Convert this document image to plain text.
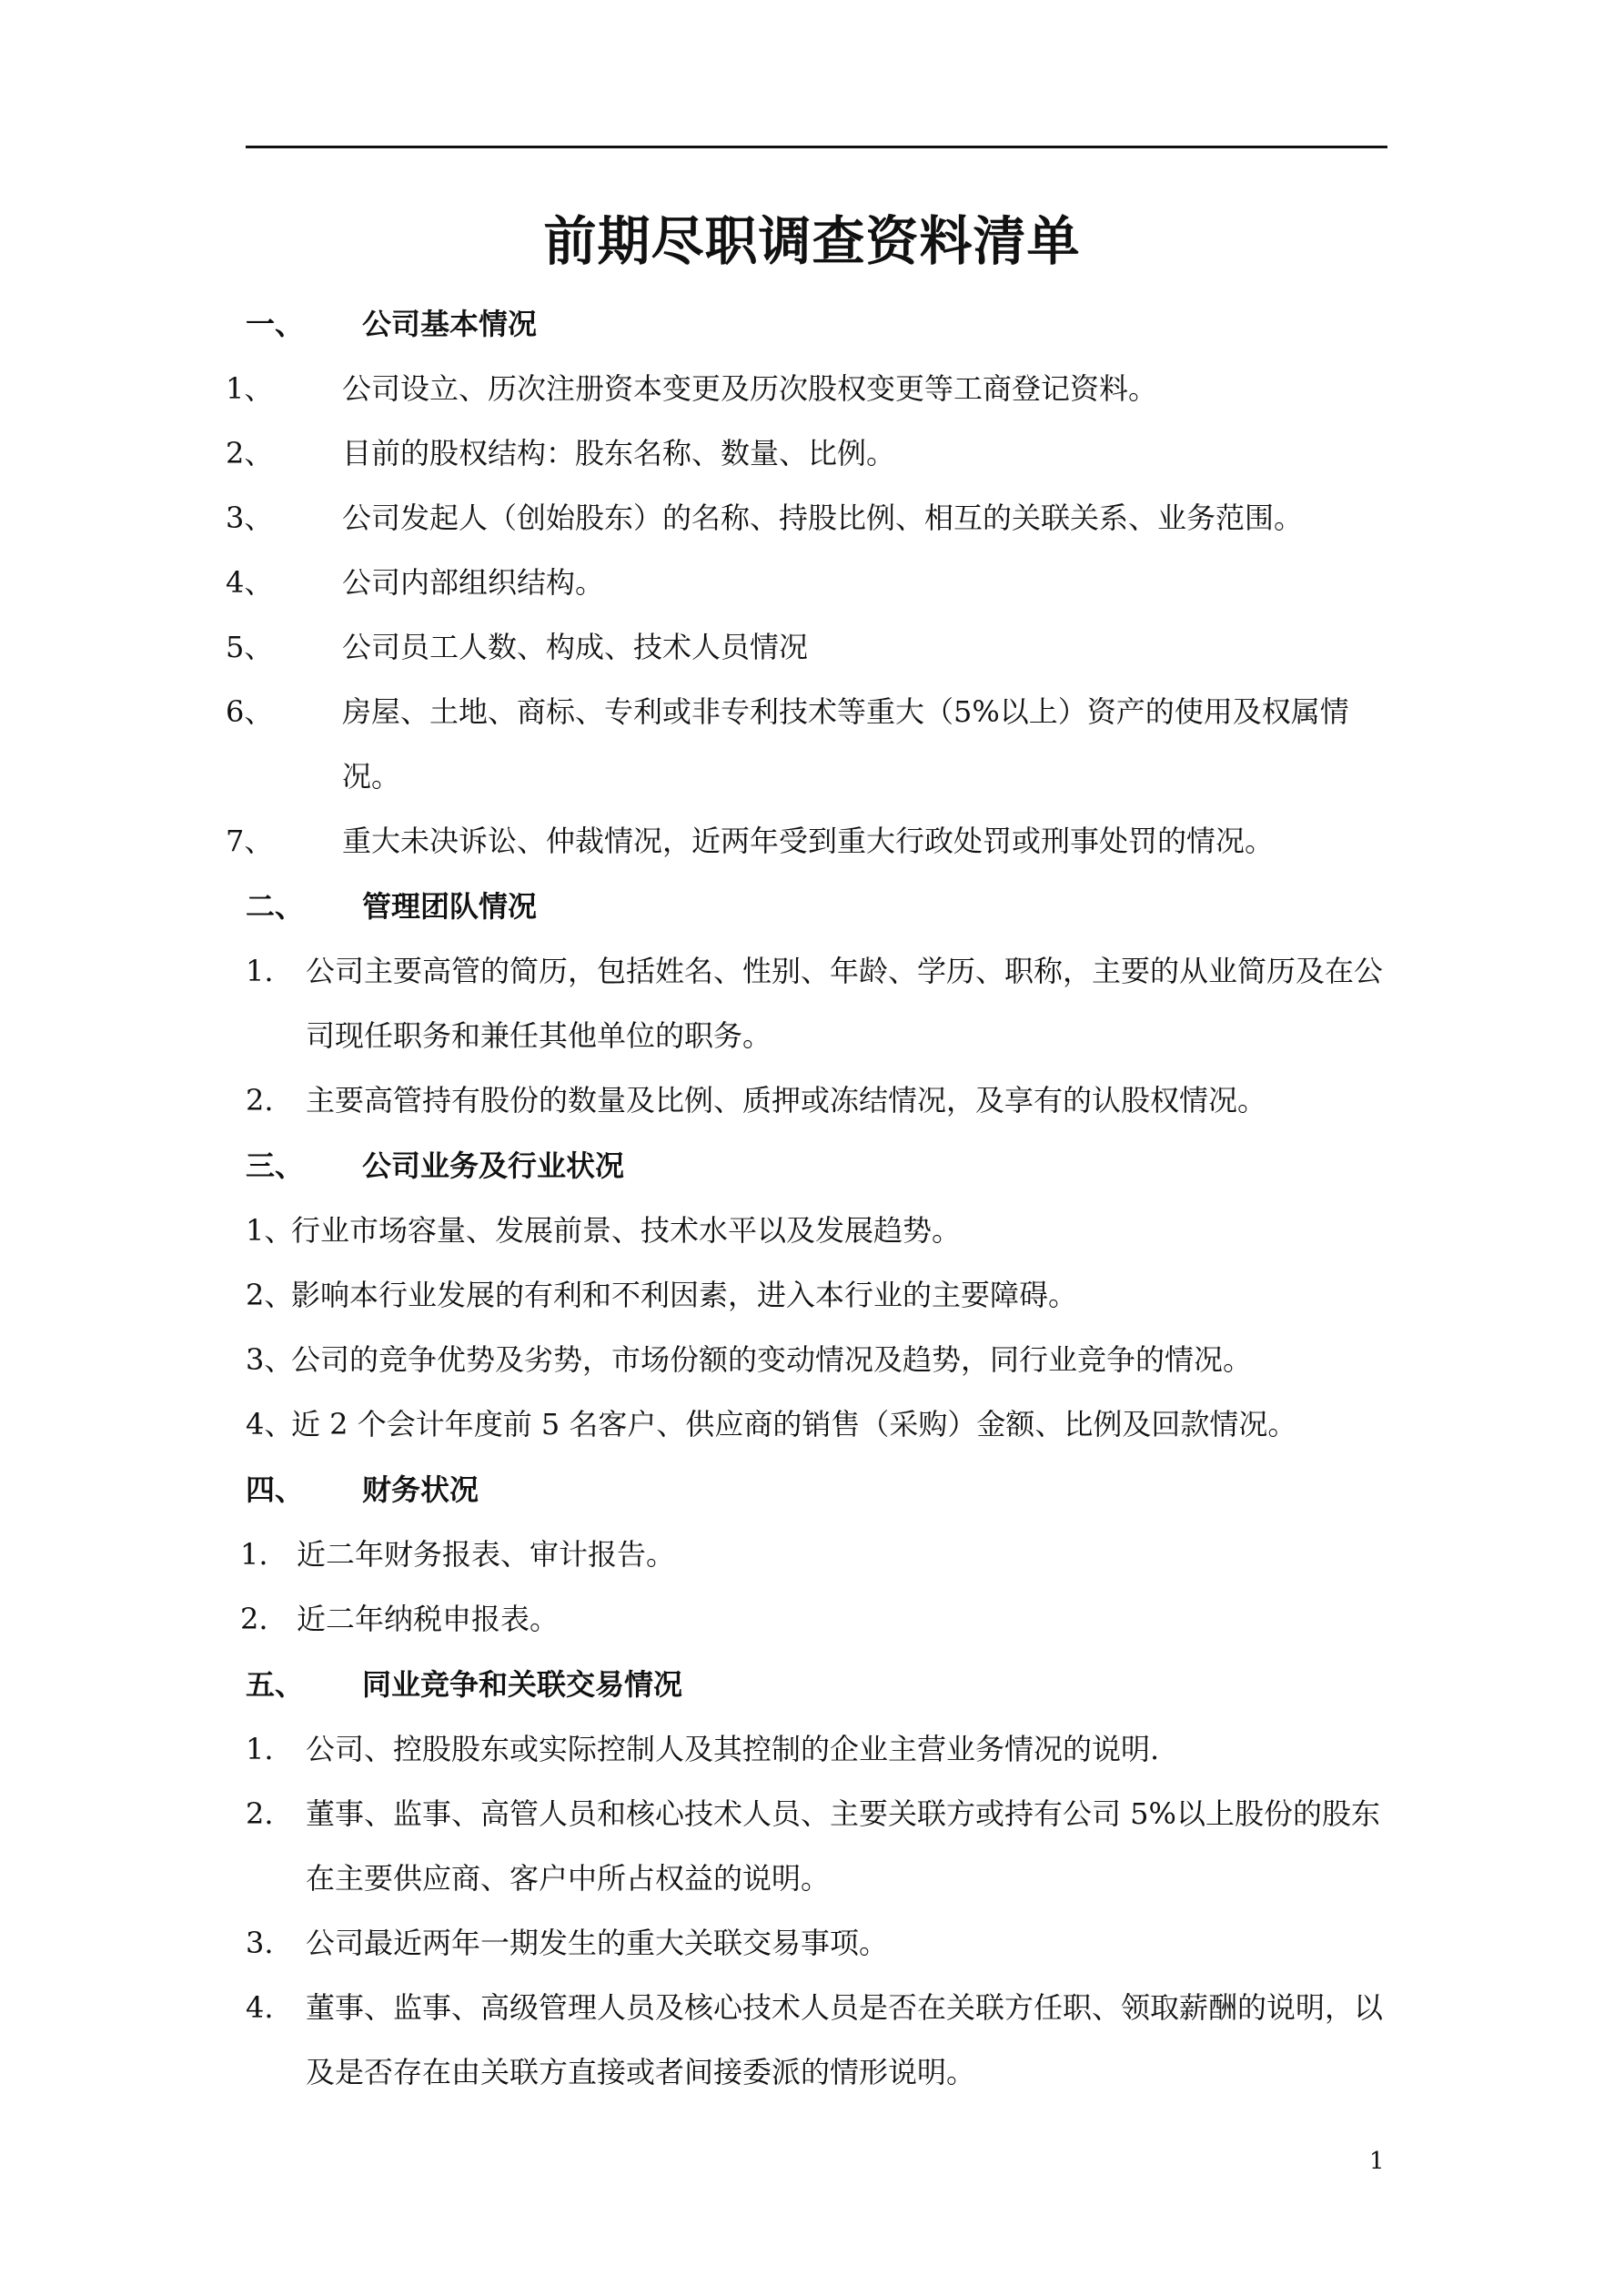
前期尽职调查资料清单
一、 公司基本情况
1、 公司设立、历次注册资本变更及历次股权变更等工商登记资料。
2、 目前的股权结构：股东名称、数量、比例。
3、 公司发起人（创始股东）的名称、持股比例、相互的关联关系、业务范围。
4、 公司内部组织结构。
5、 公司员工人数、构成、技术人员情况
6、 房屋、土地、商标、专利或非专利技术等重大（5%以上）资产的使用及权属情况。
7、 重大未决诉讼、仲裁情况，近两年受到重大行政处罚或刑事处罚的情况。
二、 管理团队情况
1. 公司主要高管的简历，包括姓名、性别、年龄、学历、职称，主要的从业简历及在公司现任职务和兼任其他单位的职务。
2. 主要高管持有股份的数量及比例、质押或冻结情况，及享有的认股权情况。
三、 公司业务及行业状况
1、
行业市场容量、发展前景、技术水平以及发展趋势。
2、
影响本行业发展的有利和不利因素，进入本行业的主要障碍。
3、
公司的竞争优势及劣势，市场份额的变动情况及趋势，同行业竞争的情况。
4、
近 2 个会计年度前 5 名客户、供应商的销售（采购）金额、比例及回款情况。
四、 财务状况
1. 近二年财务报表、审计报告。
2. 近二年纳税申报表。
五、 同业竞争和关联交易情况
1. 公司、控股股东或实际控制人及其控制的企业主营业务情况的说明.
2. 董事、监事、高管人员和核心技术人员、主要关联方或持有公司 5%以上股份的股东在主要供应商、客户中所占权益的说明。
3. 公司最近两年一期发生的重大关联交易事项。
4. 董事、监事、高级管理人员及核心技术人员是否在关联方任职、领取薪酬的说明，以及是否存在由关联方直接或者间接委派的情形说明。
1
